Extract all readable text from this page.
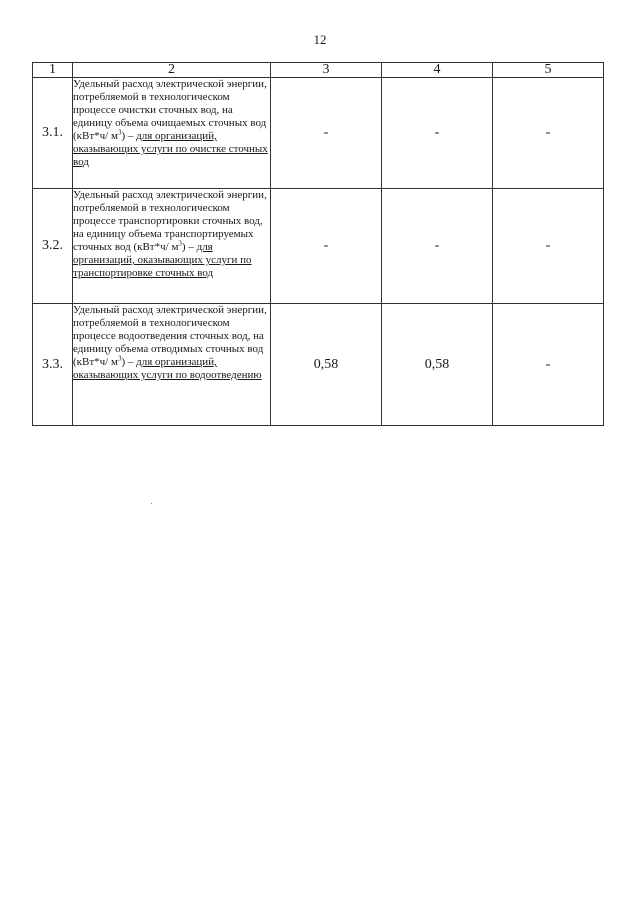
12
1	2	3	4	5
3.1.	Удельный расход электрической энергии, потребляемой в технологическом процессе очистки сточных вод, на единицу объема очищаемых сточных вод (кВт*ч/ $м^3$) – для организаций, оказывающих услуги по очистке сточных вод	-	-	-
3.2.	Удельный расход электрической энергии, потребляемой в технологическом процессе транспортировки сточных вод, на единицу объема транспортируемых сточных вод (кВт*ч/ $м^3$) – для организаций, оказывающих услуги по транспортировке сточных вод	-	-	-
3.3.	Удельный расход электрической энергии, потребляемой в технологическом процессе водоотведения сточных вод, на единицу объема отводимых сточных вод (кВт*ч/ $м^3$) – для организаций, оказывающих услуги по водоотведению	0,58	0,58	-
